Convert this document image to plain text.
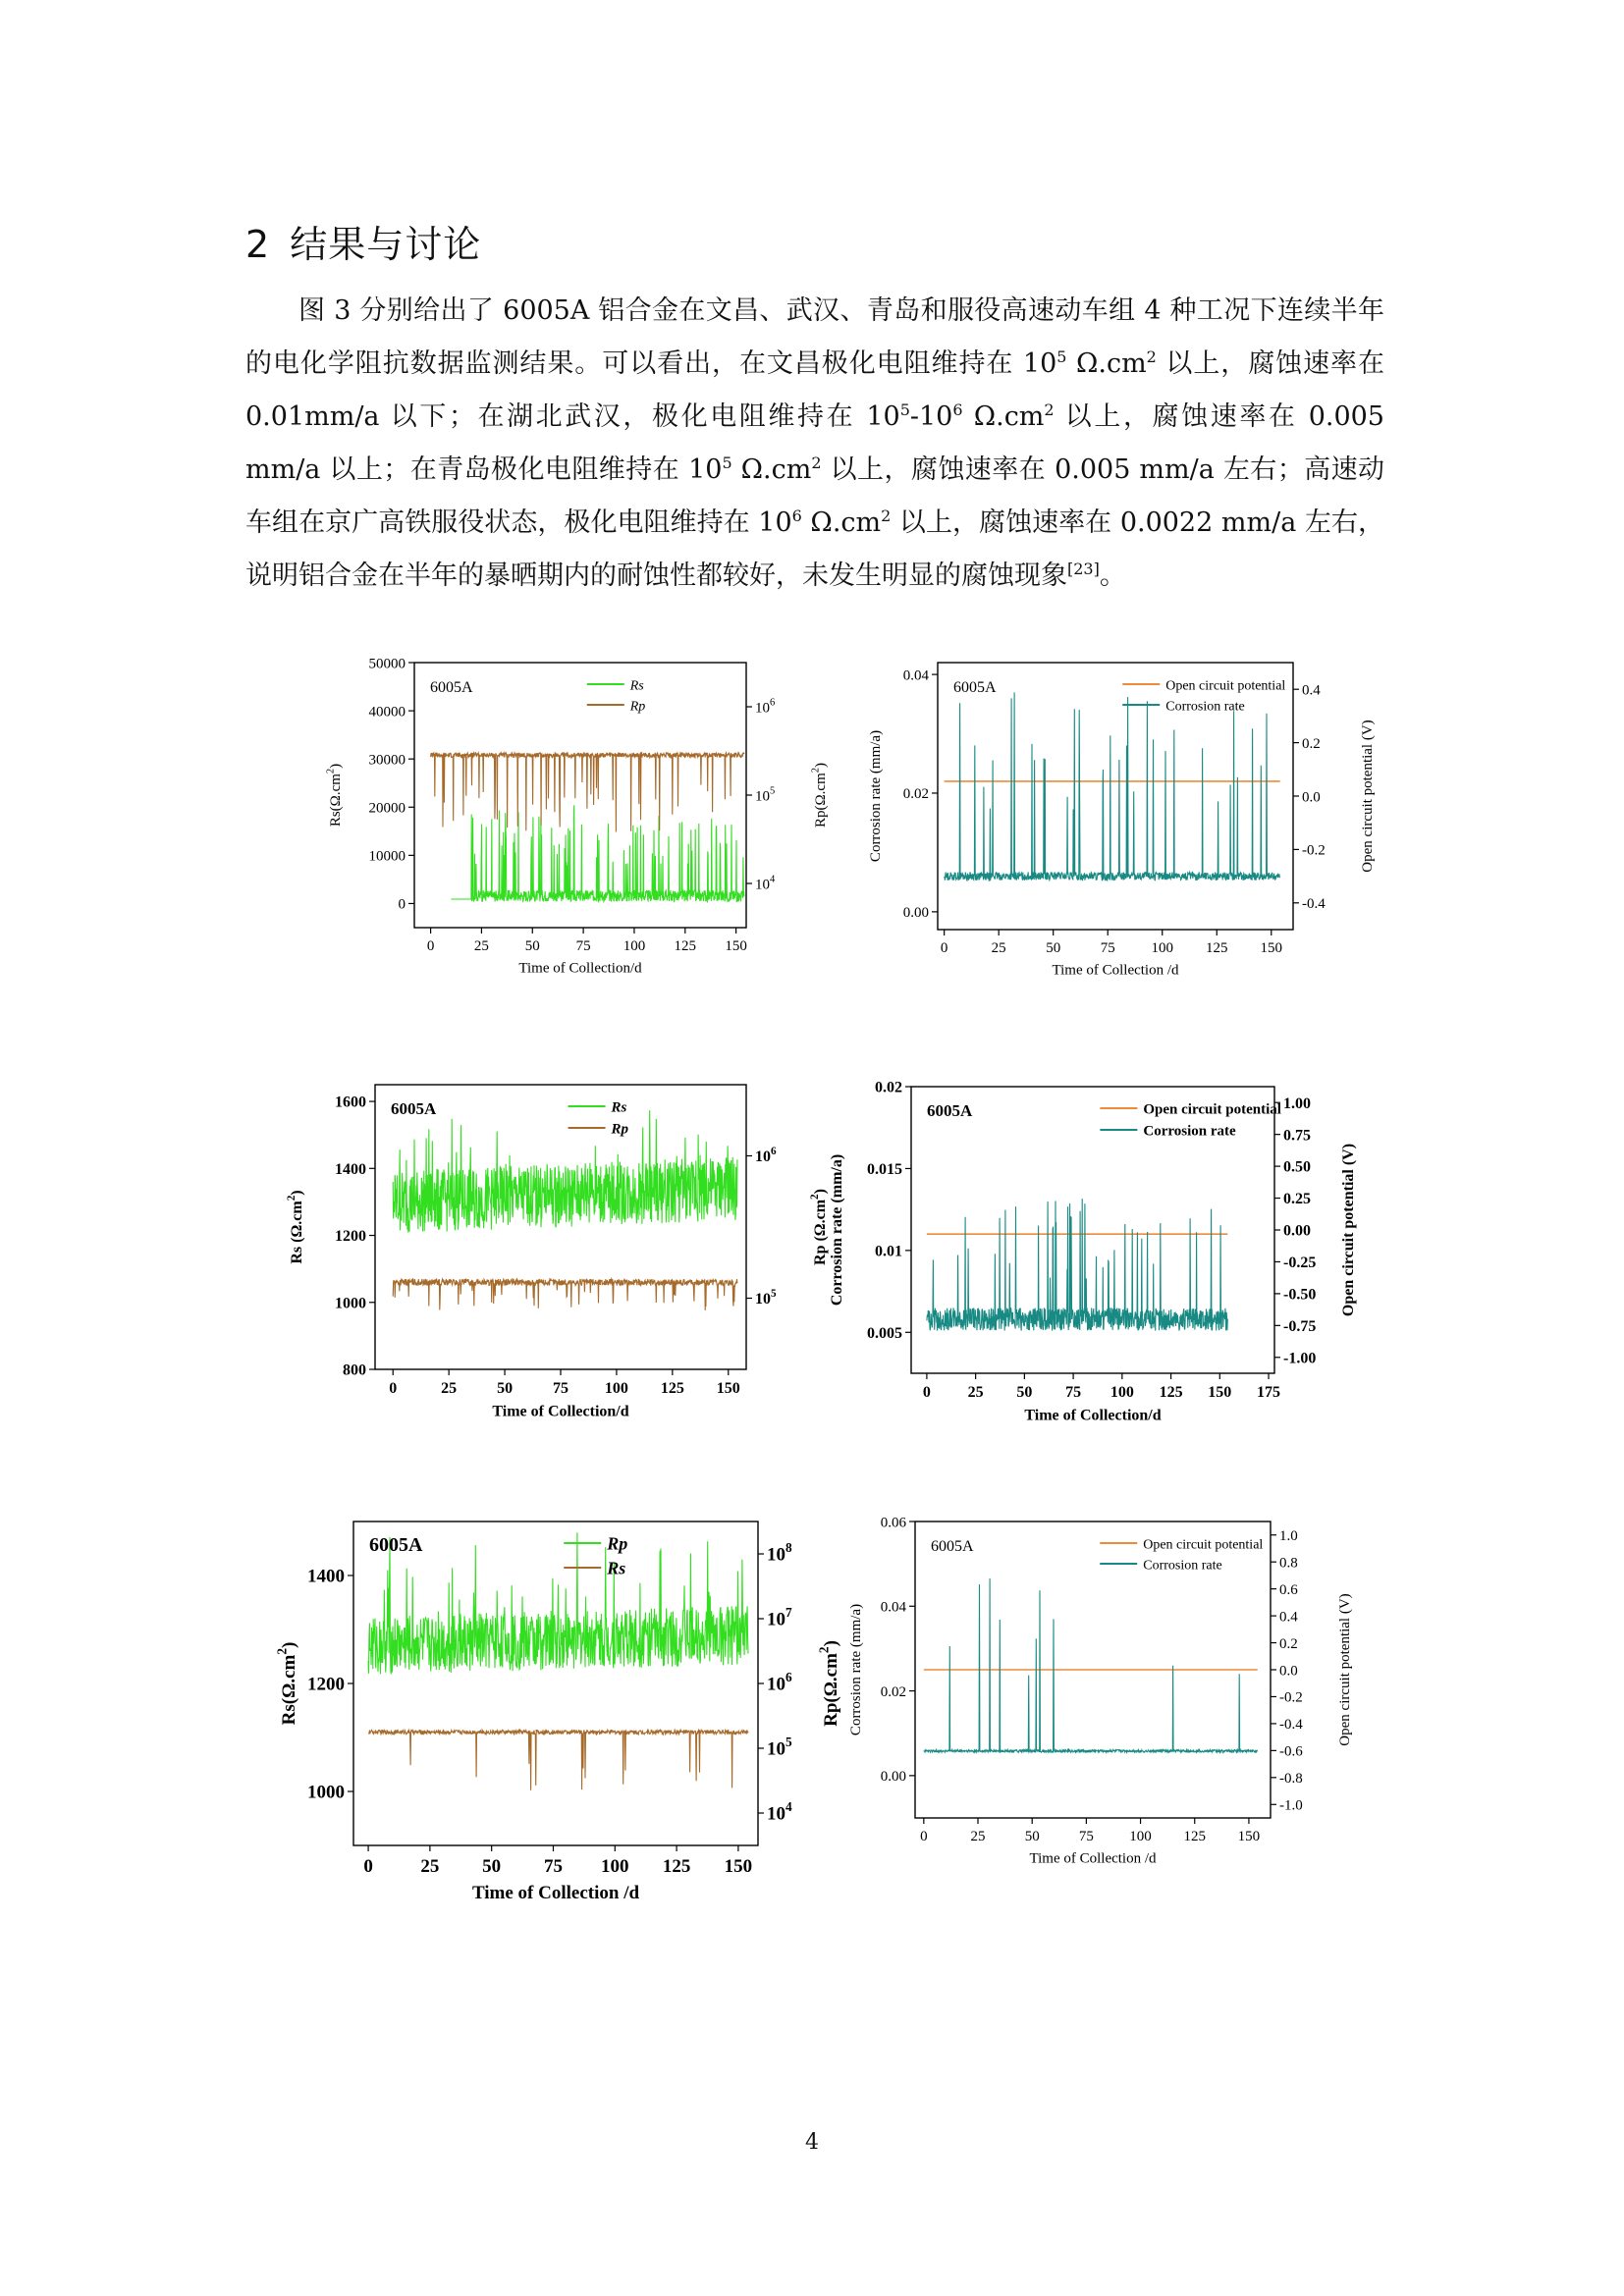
2 结果与讨论

图 3 分别给出了 6005A 铝合金在文昌、武汉、青岛和服役高速动车组 4 种工况下连续半年的电化学阻抗数据监测结果。可以看出，在文昌极化电阻维持在 $10^5$ $\Omega.cm^2$ 以上，腐蚀速率在 0.01mm/a 以下；在湖北武汉，极化电阻维持在 $10^5-10^6$ $\Omega.cm^2$ 以上，腐蚀速率在 0.005 mm/a 以上；在青岛极化电阻维持在 $10^5$ $\Omega.cm^2$ 以上，腐蚀速率在 0.005 mm/a 左右；高速动车组在京广高铁服役状态，极化电阻维持在 $10^6$ $\Omega.cm^2$ 以上，腐蚀速率在 0.0022 mm/a 左右，说明铝合金在半年的暴晒期内的耐蚀性都较好，未发生明显的腐蚀现象[23]。

0	25 50 75 100 125 150
0
10000
20000
30000
40000
50000
$10^4$
$10^5$
$10^6$
Time of Collection/d
$Rs(\Omega.cm^2)$
$Rp(\Omega.cm^2)$
6005A	Rs
Rp
0	25	50	75 100 125 150
0.00
0.02
0.04
-0.4
-0.2
0.0
0.2
0.4
Time of Collection /d
Corrosion rate (mm/a)	Open circuit potential (V)
6005A	Open circuit potential
Corrosion rate
0	25	50	75 100 125 150
800
1000
1200
1400
1600
$10^5$
$10^6$
Time of Collection/d
Rs $(\Omega.cm^2)$
Rp $(\Omega.cm^2)$
6005A	Rs
Rp
0 25 50 75 100 125 150 175
0.005
0.01
0.015
0.02
-1.00
-0.75
-0.50
-0.25
0.00
0.25
0.50
0.75
1.00
Time of Collection/d
Corrosion rate (mm/a)	Open circuit potential (V)
6005A	Open circuit potential
Corrosion rate
0	25 50 75 100 125 150
1000
1200
1400
$10^4$
$10^5$
$10^6$
$10^7$
$10^8$
Time of Collection /d
$Rs(\Omega.cm^2)$
$Rp(\Omega.cm^2)$
6005A	Rp
Rs
0	25	50	75 100 125 150
0.00
0.02
0.04
0.06
-1.0
-0.8
-0.6
-0.4
-0.2
0.0
0.2
0.4
0.6
0.8
1.0
Time of Collection /d
Corrosion rate (mm/a)	Open circuit potential (V)
6005A	Open circuit potential
Corrosion rate
4
